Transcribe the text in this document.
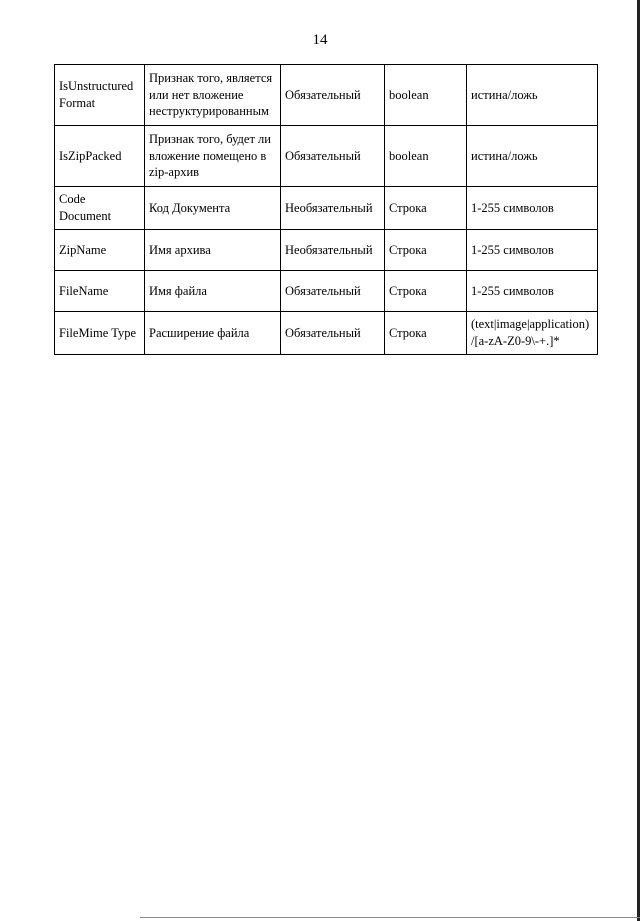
14
IsUnstructured Format	Признак того, является или нет вложение неструктурированным	Обязательный	boolean	истина/ложь
IsZipPacked	Признак того, будет ли вложение помещено в zip-архив	Обязательный	boolean	истина/ложь
Code Document	Код Документа	Необязательный	Строка	1-255 символов
ZipName	Имя архива	Необязательный	Строка	1-255 символов
FileName	Имя файла	Обязательный	Строка	1-255 символов
FileMime Type	Расширение файла	Обязательный	Строка	(text|image|application) /[a-zA-Z0-9\-+.]*
